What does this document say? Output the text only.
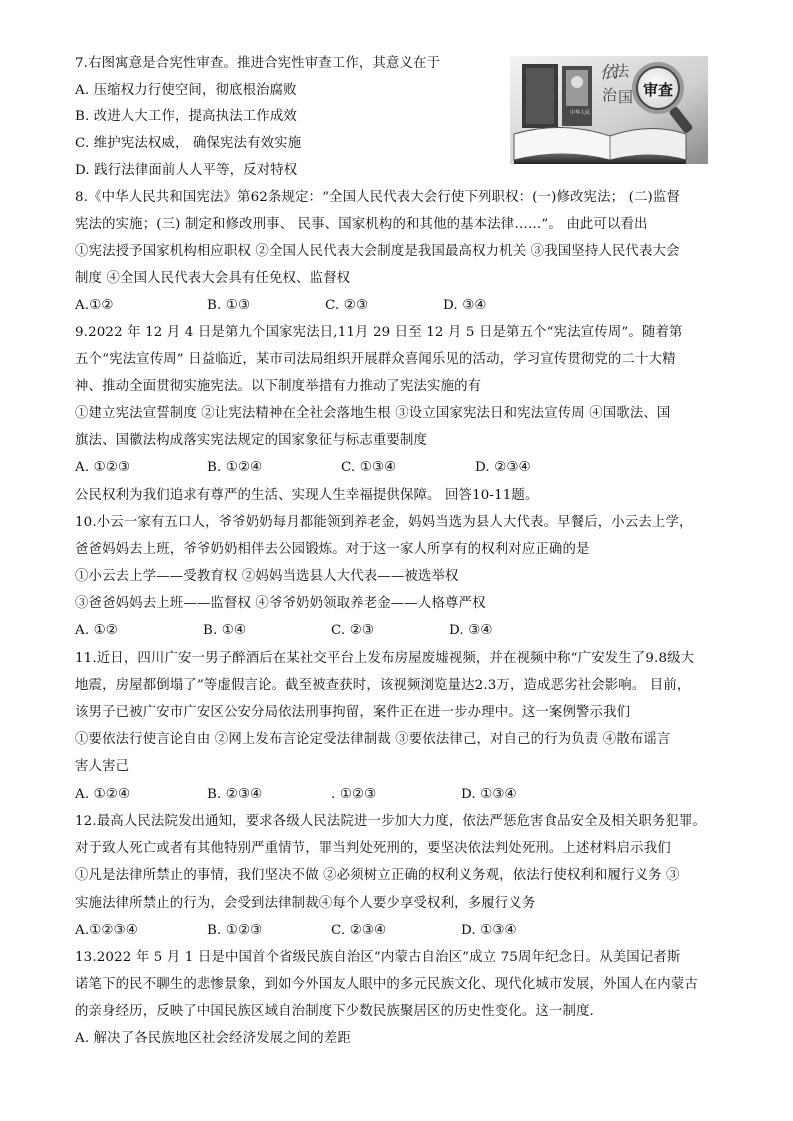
7.右图寓意是合宪性审查。推进合宪性审查工作，其意义在于
A. 压缩权力行使空间，彻底根治腐败
B. 改进人大工作，提高执法工作成效
C. 维护宪法权威， 确保宪法有效实施
D. 践行法律面前人人平等，反对特权
中华人民
依
法
治 国 审查
8.《中华人民共和国宪法》第62条规定：“全国人民代表大会行使下列职权：(一)修改宪法； (二)监督
宪法的实施；(三) 制定和修改刑事、 民事、国家机构的和其他的基本法律……”。 由此可以看出
①宪法授予国家机构相应职权 ②全国人民代表大会制度是我国最高权力机关 ③我国坚持人民代表大会
制度 ④全国人民代表大会具有任免权、监督权
A.①②	B. ①③	C. ②③	D. ③④
9.2022 年 12 月 4 日是第九个国家宪法日,11月 29 日至 12 月 5 日是第五个“宪法宣传周”。随着第
五个“宪法宣传周” 日益临近，某市司法局组织开展群众喜闻乐见的活动，学习宣传贯彻党的二十大精
神、推动全面贯彻实施宪法。以下制度举措有力推动了宪法实施的有
①建立宪法宣誓制度 ②让宪法精神在全社会落地生根 ③设立国家宪法日和宪法宣传周 ④国歌法、国
旗法、国徽法构成落实宪法规定的国家象征与标志重要制度
A. ①②③	B. ①②④	C. ①③④	D. ②③④
公民权利为我们追求有尊严的生活、实现人生幸福提供保障。 回答10-11题。
10.小云一家有五口人，爷爷奶奶每月都能领到养老金，妈妈当选为县人大代表。早餐后，小云去上学，
爸爸妈妈去上班，爷爷奶奶相伴去公园锻炼。对于这一家人所享有的权利对应正确的是
①小云去上学——受教育权 ②妈妈当选县人大代表——被选举权
③爸爸妈妈去上班——监督权 ④爷爷奶奶领取养老金——人格尊严权
A. ①②	B. ①④	C. ②③	D. ③④
11.近日，四川广安一男子醉酒后在某社交平台上发布房屋废墟视频，并在视频中称“广安发生了9.8级大
地震，房屋都倒塌了”等虚假言论。截至被查获时，该视频浏览量达2.3万，造成恶劣社会影响。 目前，
该男子已被广安市广安区公安分局依法刑事拘留，案件正在进一步办理中。这一案例警示我们
①要依法行使言论自由 ②网上发布言论定受法律制裁 ③要依法律己，对自己的行为负责 ④散布谣言
害人害己
A. ①②④	B. ②③④	. ①②③	D. ①③④
12.最高人民法院发出通知，要求各级人民法院进一步加大力度，依法严惩危害食品安全及相关职务犯罪。
对于致人死亡或者有其他特别严重情节，罪当判处死刑的，要坚决依法判处死刑。上述材料启示我们
①凡是法律所禁止的事情，我们坚决不做 ②必须树立正确的权利义务观，依法行使权利和履行义务 ③
实施法律所禁止的行为，会受到法律制裁④每个人要少享受权利，多履行义务
A.①②③④	B. ①②③	C. ②③④	D. ①③④
13.2022 年 5 月 1 日是中国首个省级民族自治区“内蒙古自治区”成立 75周年纪念日。从美国记者斯
诺笔下的民不聊生的悲惨景象，到如今外国友人眼中的多元民族文化、现代化城市发展，外国人在内蒙古
的亲身经历，反映了中国民族区域自治制度下少数民族聚居区的历史性变化。这一制度.
A. 解决了各民族地区社会经济发展之间的差距
